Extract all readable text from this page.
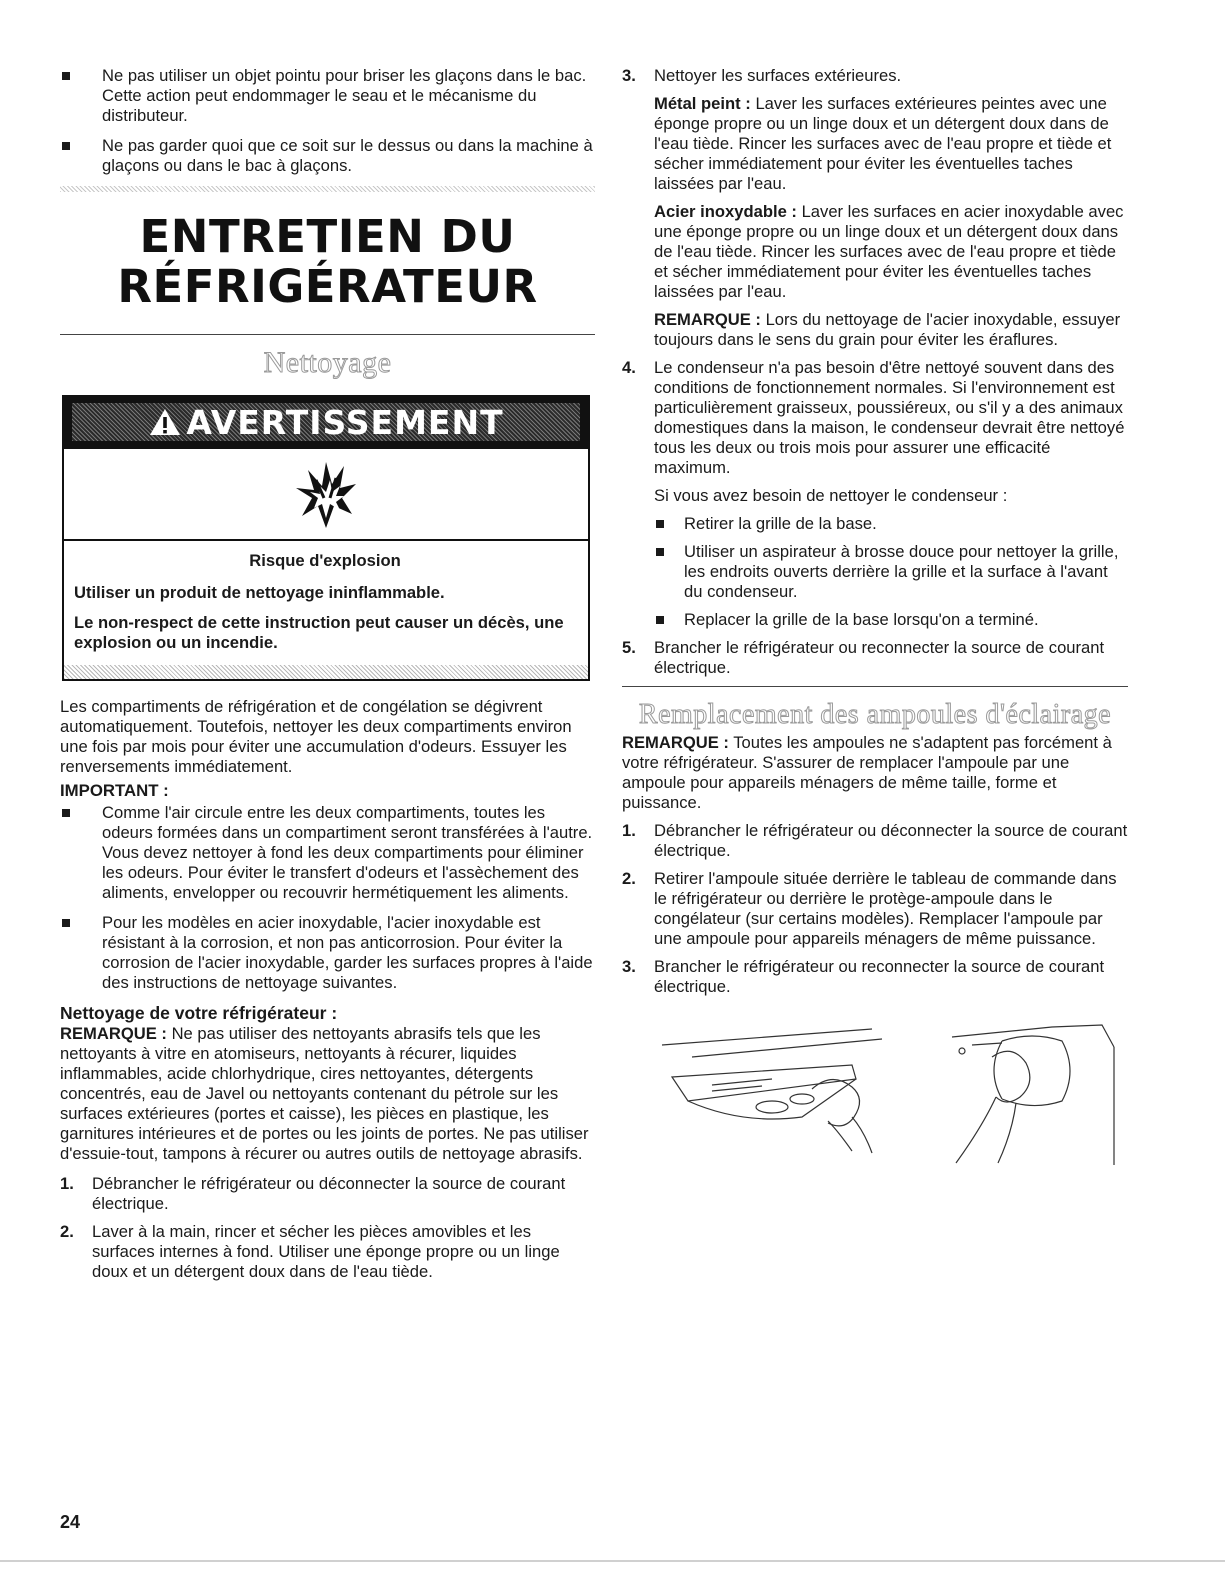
Ne pas utiliser un objet pointu pour briser les glaçons dans le bac. Cette action peut endommager le seau et le mécanisme du distributeur.
Ne pas garder quoi que ce soit sur le dessus ou dans la machine à glaçons ou dans le bac à glaçons.

ENTRETIEN DU

RÉFRIGÉRATEUR

Nettoyage
AVERTISSEMENT
Risque d'explosion
Utiliser un produit de nettoyage ininflammable.
Le non-respect de cette instruction peut causer un décès, une explosion ou un incendie.

Les compartiments de réfrigération et de congélation se dégivrent automatiquement. Toutefois, nettoyer les deux compartiments environ une fois par mois pour éviter une accumulation d'odeurs. Essuyer les renversements immédiatement.

IMPORTANT :

Comme l'air circule entre les deux compartiments, toutes les odeurs formées dans un compartiment seront transférées à l'autre. Vous devez nettoyer à fond les deux compartiments pour éliminer les odeurs. Pour éviter le transfert d'odeurs et l'assèchement des aliments, envelopper ou recouvrir hermétiquement les aliments.
Pour les modèles en acier inoxydable, l'acier inoxydable est résistant à la corrosion, et non pas anticorrosion. Pour éviter la corrosion de l'acier inoxydable, garder les surfaces propres à l'aide des instructions de nettoyage suivantes.

Nettoyage de votre réfrigérateur :

REMARQUE : Ne pas utiliser des nettoyants abrasifs tels que les nettoyants à vitre en atomiseurs, nettoyants à récurer, liquides inflammables, acide chlorhydrique, cires nettoyantes, détergents concentrés, eau de Javel ou nettoyants contenant du pétrole sur les surfaces extérieures (portes et caisse), les pièces en plastique, les garnitures intérieures et de portes ou les joints de portes. Ne pas utiliser d'essuie-tout, tampons à récurer ou autres outils de nettoyage abrasifs.

1. Débrancher le réfrigérateur ou déconnecter la source de courant électrique.
2. Laver à la main, rincer et sécher les pièces amovibles et les surfaces internes à fond. Utiliser une éponge propre ou un linge doux et un détergent doux dans de l'eau tiède.
3. Nettoyer les surfaces extérieures.

Métal peint : Laver les surfaces extérieures peintes avec une éponge propre ou un linge doux et un détergent doux dans de l'eau tiède. Rincer les surfaces avec de l'eau propre et tiède et sécher immédiatement pour éviter les éventuelles taches laissées par l'eau.

Acier inoxydable : Laver les surfaces en acier inoxydable avec une éponge propre ou un linge doux et un détergent doux dans de l'eau tiède. Rincer les surfaces avec de l'eau propre et tiède et sécher immédiatement pour éviter les éventuelles taches laissées par l'eau.

REMARQUE : Lors du nettoyage de l'acier inoxydable, essuyer toujours dans le sens du grain pour éviter les éraflures.

4. Le condenseur n'a pas besoin d'être nettoyé souvent dans des conditions de fonctionnement normales. Si l'environnement est particulièrement graisseux, poussiéreux, ou s'il y a des animaux domestiques dans la maison, le condenseur devrait être nettoyé tous les deux ou trois mois pour assurer une efficacité maximum.

Si vous avez besoin de nettoyer le condenseur :

Retirer la grille de la base.
Utiliser un aspirateur à brosse douce pour nettoyer la grille, les endroits ouverts derrière la grille et la surface à l'avant du condenseur.
Replacer la grille de la base lorsqu'on a terminé.
5. Brancher le réfrigérateur ou reconnecter la source de courant électrique.
Remplacement des ampoules d'éclairage

REMARQUE : Toutes les ampoules ne s'adaptent pas forcément à votre réfrigérateur. S'assurer de remplacer l'ampoule par une ampoule pour appareils ménagers de même taille, forme et puissance.

1. Débrancher le réfrigérateur ou déconnecter la source de courant électrique.
2. Retirer l'ampoule située derrière le tableau de commande dans le réfrigérateur ou derrière le protège-ampoule dans le congélateur (sur certains modèles). Remplacer l'ampoule par une ampoule pour appareils ménagers de même puissance.
3. Brancher le réfrigérateur ou reconnecter la source de courant électrique.
24
